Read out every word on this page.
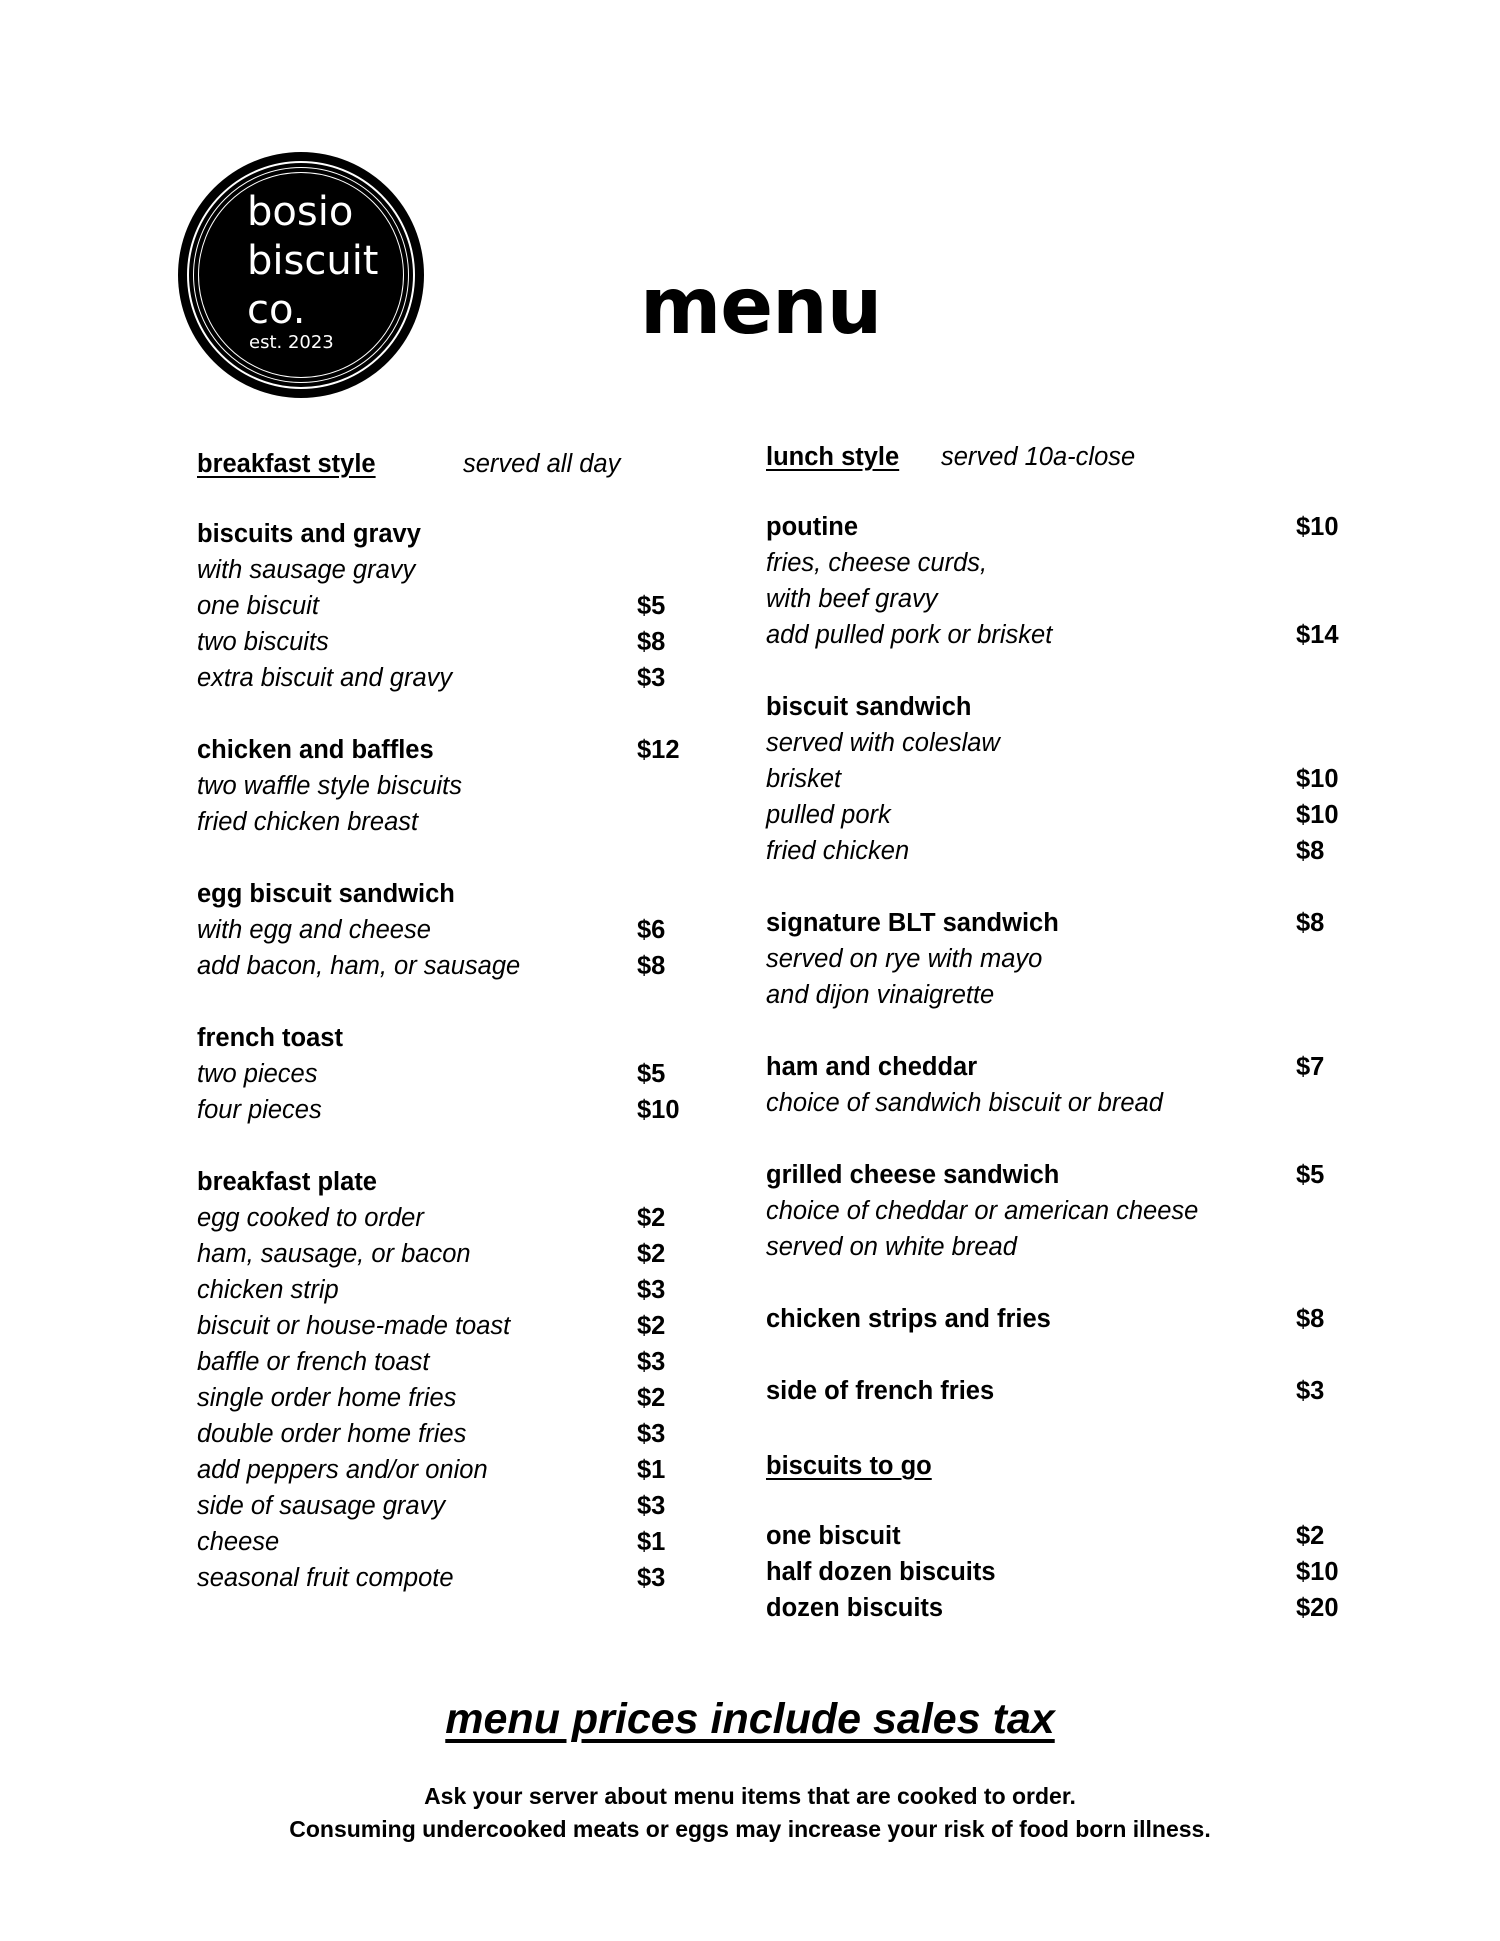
bosio
biscuit
co.
est. 2023	menu
breakfast style	served all day
biscuits and gravy
with sausage gravy
one biscuit	$5
two biscuits	$8
extra biscuit and gravy	$3
chicken and baffles	$12
two waffle style biscuits
fried chicken breast
egg biscuit sandwich
with egg and cheese	$6
add bacon, ham, or sausage	$8
french toast
two pieces	$5
four pieces	$10
breakfast plate
egg cooked to order	$2
ham, sausage, or bacon	$2
chicken strip	$3
biscuit or house-made toast	$2
baffle or french toast	$3
single order home fries	$2
double order home fries	$3
add peppers and/or onion	$1
side of sausage gravy	$3
cheese	$1
seasonal fruit compote	$3
lunch style served 10a-close
poutine	$10
fries, cheese curds,
with beef gravy
add pulled pork or brisket	$14
biscuit sandwich
served with coleslaw
brisket	$10
pulled pork	$10
fried chicken	$8
signature BLT sandwich	$8
served on rye with mayo
and dijon vinaigrette
ham and cheddar	$7
choice of sandwich biscuit or bread
grilled cheese sandwich	$5
choice of cheddar or american cheese
served on white bread
chicken strips and fries	$8
side of french fries	$3
biscuits to go
one biscuit	$2
half dozen biscuits	$10
dozen biscuits	$20
menu prices include sales tax
Ask your server about menu items that are cooked to order.
Consuming undercooked meats or eggs may increase your risk of food born illness.
